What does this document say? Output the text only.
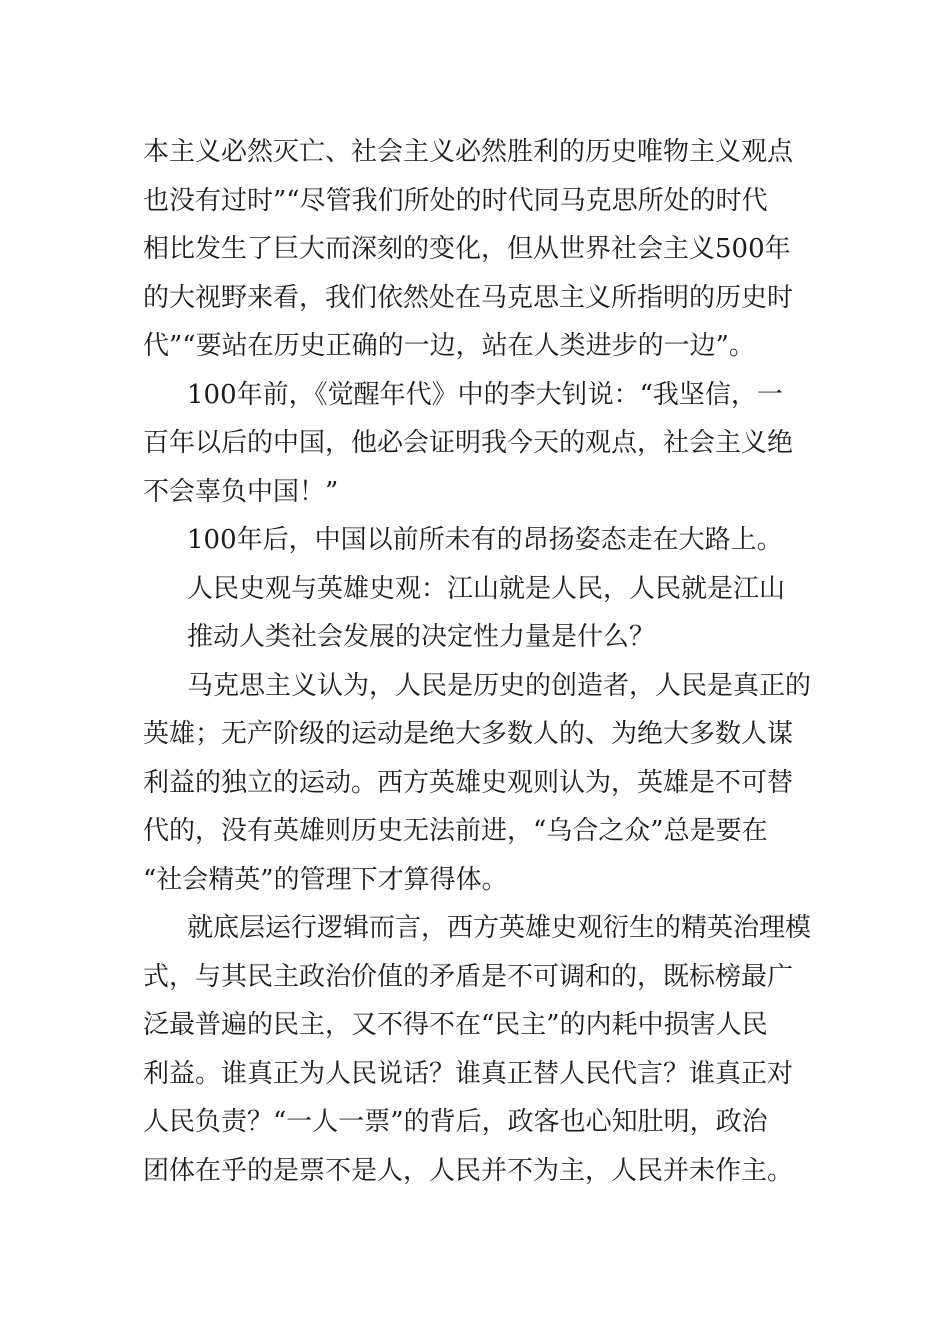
本主义必然灭亡、社会主义必然胜利的历史唯物主义观点
也没有过时”“尽管我们所处的时代同马克思所处的时代
相比发生了巨大而深刻的变化，但从世界社会主义500年
的大视野来看，我们依然处在马克思主义所指明的历史时
代”“要站在历史正确的一边，站在人类进步的一边”。
100年前，《觉醒年代》中的李大钊说：“我坚信，一
百年以后的中国，他必会证明我今天的观点，社会主义绝
不会辜负中国！”
100年后，中国以前所未有的昂扬姿态走在大路上。
人民史观与英雄史观：江山就是人民，人民就是江山
推动人类社会发展的决定性力量是什么？
马克思主义认为，人民是历史的创造者，人民是真正的
英雄；无产阶级的运动是绝大多数人的、为绝大多数人谋
利益的独立的运动。西方英雄史观则认为，英雄是不可替
代的，没有英雄则历史无法前进，“乌合之众”总是要在
“社会精英”的管理下才算得体。
就底层运行逻辑而言，西方英雄史观衍生的精英治理模
式，与其民主政治价值的矛盾是不可调和的，既标榜最广
泛最普遍的民主，又不得不在“民主”的内耗中损害人民
利益。谁真正为人民说话？谁真正替人民代言？谁真正对
人民负责？“一人一票”的背后，政客也心知肚明，政治
团体在乎的是票不是人，人民并不为主，人民并未作主。
